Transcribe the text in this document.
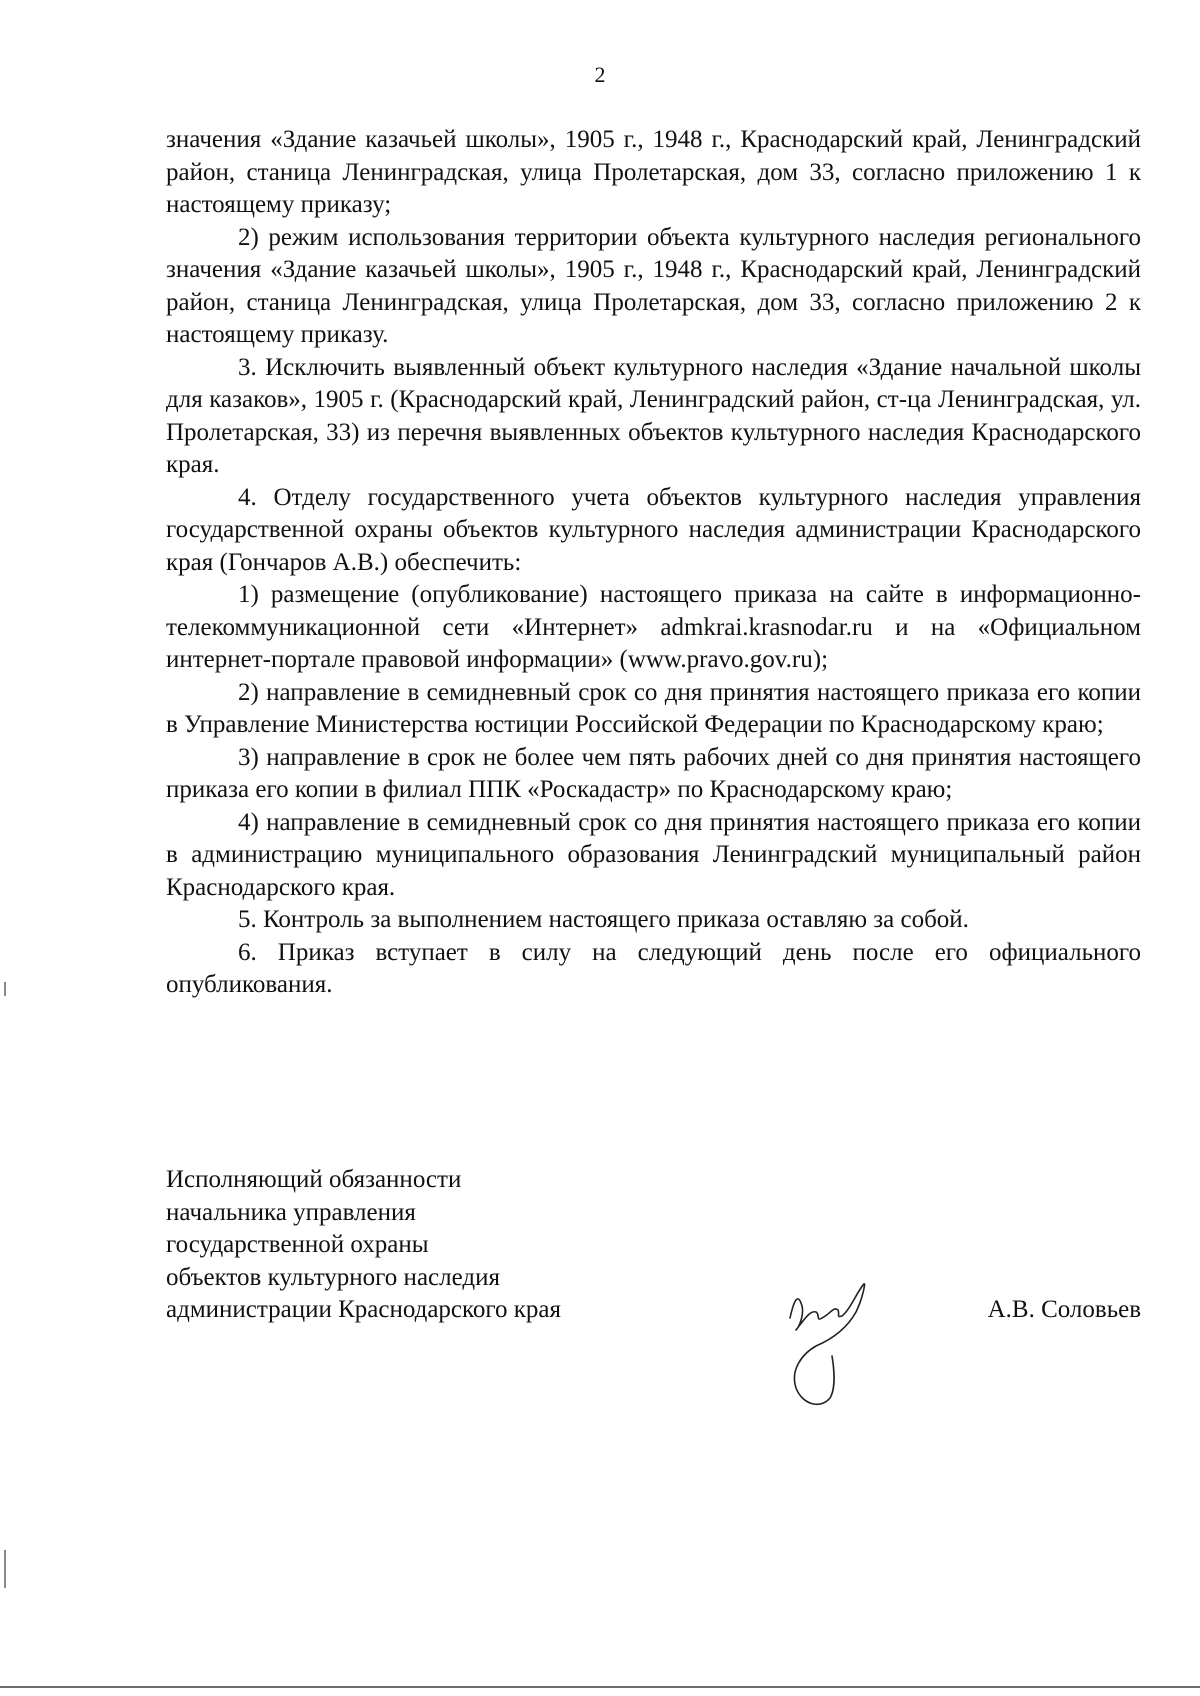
2

значения «Здание казачьей школы», 1905 г., 1948 г., Краснодарский край, Ленинградский район, станица Ленинградская, улица Пролетарская, дом 33, согласно приложению 1 к настоящему приказу;

2) режим использования территории объекта культурного наследия регионального значения «Здание казачьей школы», 1905 г., 1948 г., Краснодарский край, Ленинградский район, станица Ленинградская, улица Пролетарская, дом 33, согласно приложению 2 к настоящему приказу.

3. Исключить выявленный объект культурного наследия «Здание начальной школы для казаков», 1905 г. (Краснодарский край, Ленинградский район, ст-ца Ленинградская, ул. Пролетарская, 33) из перечня выявленных объектов культурного наследия Краснодарского края.

4. Отделу государственного учета объектов культурного наследия управления государственной охраны объектов культурного наследия администрации Краснодарского края (Гончаров А.В.) обеспечить:

1) размещение (опубликование) настоящего приказа на сайте в информационно-телекоммуникационной сети «Интернет» admkrai.krasnodar.ru и на «Официальном интернет-портале правовой информации» (www.pravo.gov.ru);

2) направление в семидневный срок со дня принятия настоящего приказа его копии в Управление Министерства юстиции Российской Федерации по Краснодарскому краю;

3) направление в срок не более чем пять рабочих дней со дня принятия настоящего приказа его копии в филиал ППК «Роскадастр» по Краснодарскому краю;

4) направление в семидневный срок со дня принятия настоящего приказа его копии в администрацию муниципального образования Ленинградский муниципальный район Краснодарского края.

5. Контроль за выполнением настоящего приказа оставляю за собой.

6. Приказ вступает в силу на следующий день после его официального опубликования.

Исполняющий обязанности
начальника управления
государственной охраны
объектов культурного наследия
администрации Краснодарского края	А.В. Соловьев
